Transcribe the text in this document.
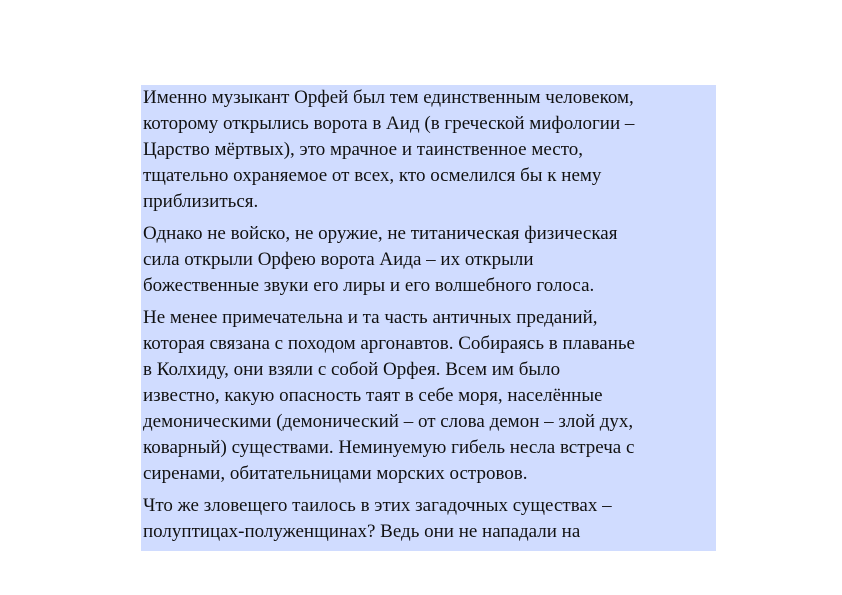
Именно музыкант Орфей был тем единственным человеком,
которому открылись ворота в Аид (в греческой мифологии –
Царство мёртвых), это мрачное и таинственное место,
тщательно охраняемое от всех, кто осмелился бы к нему
приблизиться.

Однако не войско, не оружие, не титаническая физическая
сила открыли Орфею ворота Аида – их открыли
божественные звуки его лиры и его волшебного голоса.

Не менее примечательна и та часть античных преданий,
которая связана с походом аргонавтов. Собираясь в плаванье
в Колхиду, они взяли с собой Орфея. Всем им было
известно, какую опасность таят в себе моря, населённые
демоническими (демонический – от слова демон – злой дух,
коварный) существами. Неминуемую гибель несла встреча с
сиренами, обитательницами морских островов.

Что же зловещего таилось в этих загадочных существах –
полуптицах-полуженщинах? Ведь они не нападали на
